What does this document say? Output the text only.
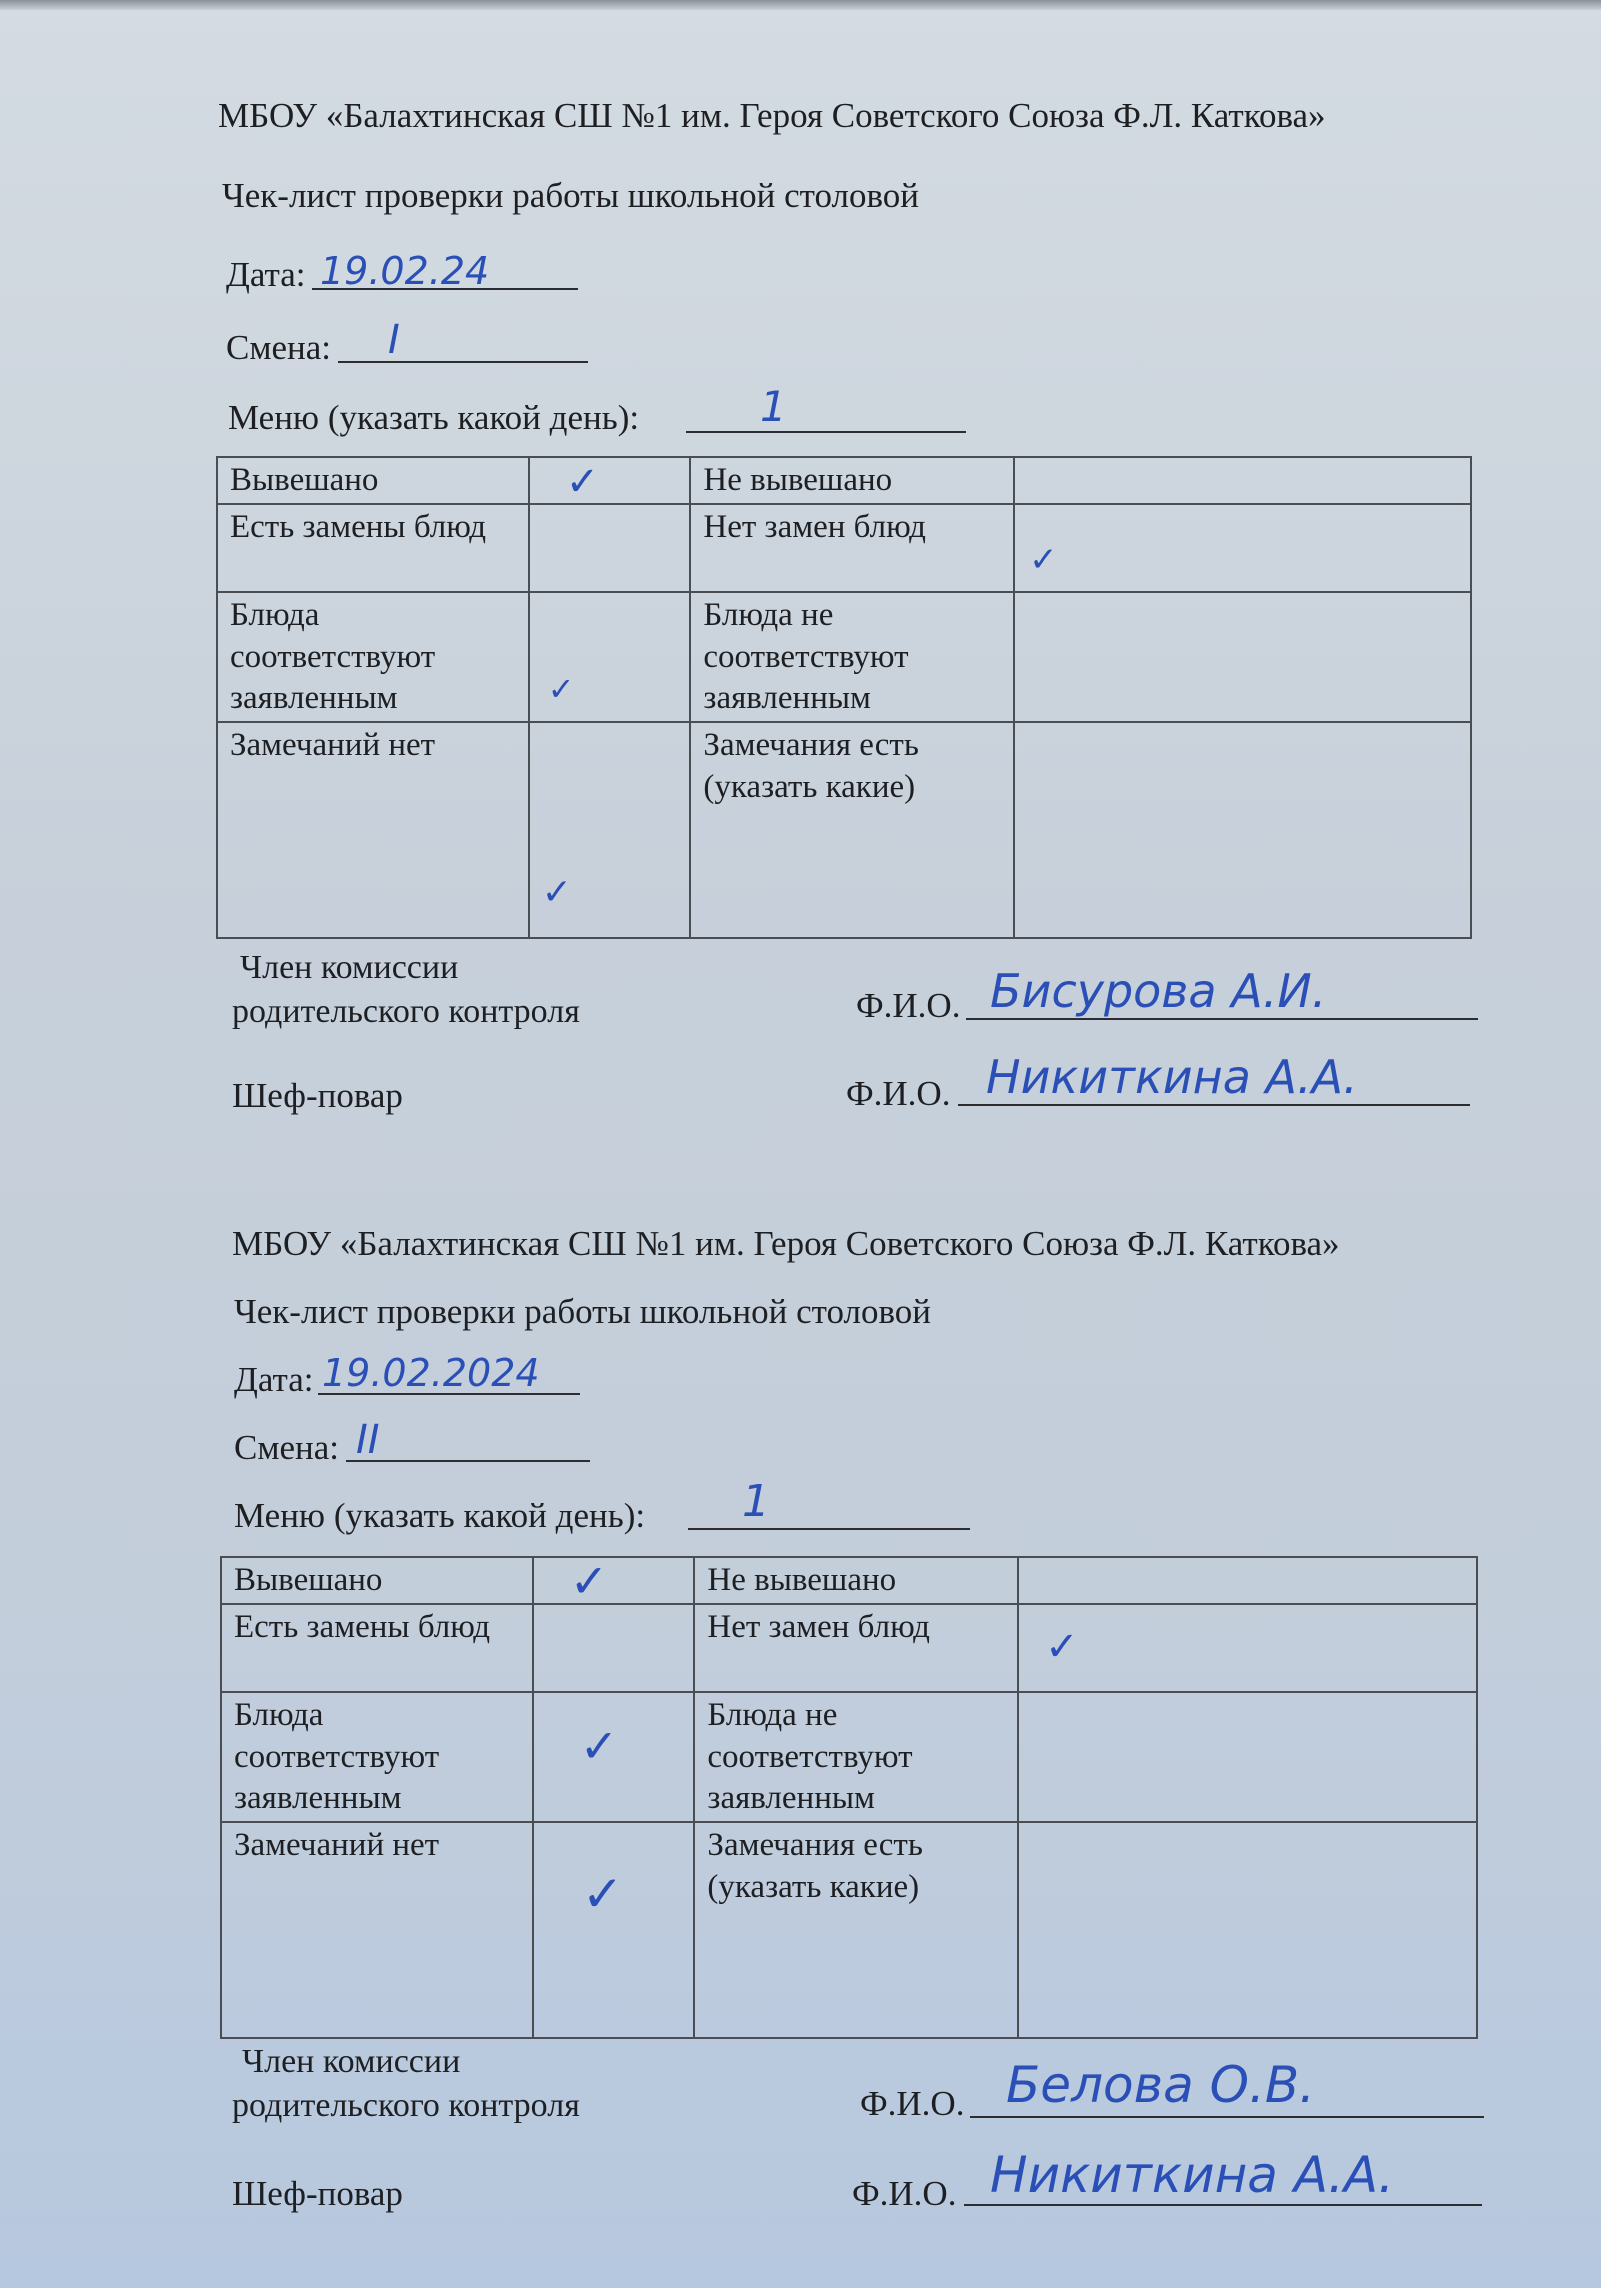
МБОУ «Балахтинская СШ №1 им. Героя Советского Союза Ф.Л. Каткова»
Чек-лист проверки работы школьной столовой
Дата: 19.02.24
Смена: I
Меню (указать какой день):	1
Вывешано	✓	Не вывешано	

Есть замены блюд		Нет замен блюд	✓

Блюда соответствуют заявленным	✓	Блюда не соответствуют заявленным	

Замечаний нет	✓	Замечания есть (указать какие)	
Член комиссии
родительского контроля	Ф.И.О. Бисурова А.И.
Шеф-повар	Ф.И.О. Никиткина А.А.
МБОУ «Балахтинская СШ №1 им. Героя Советского Союза Ф.Л. Каткова»
Чек-лист проверки работы школьной столовой
Дата: 19.02.2024
Смена: II
Меню (указать какой день): 1
Вывешано	✓	Не вывешано	

Есть замены блюд		Нет замен блюд	✓

Блюда соответствуют заявленным	✓	Блюда не соответствуют заявленным	

Замечаний нет	✓	Замечания есть (указать какие)	
Член комиссии
родительского контроля	Ф.И.О. Белова О.В.
Шеф-повар	Ф.И.О. Никиткина А.А.
